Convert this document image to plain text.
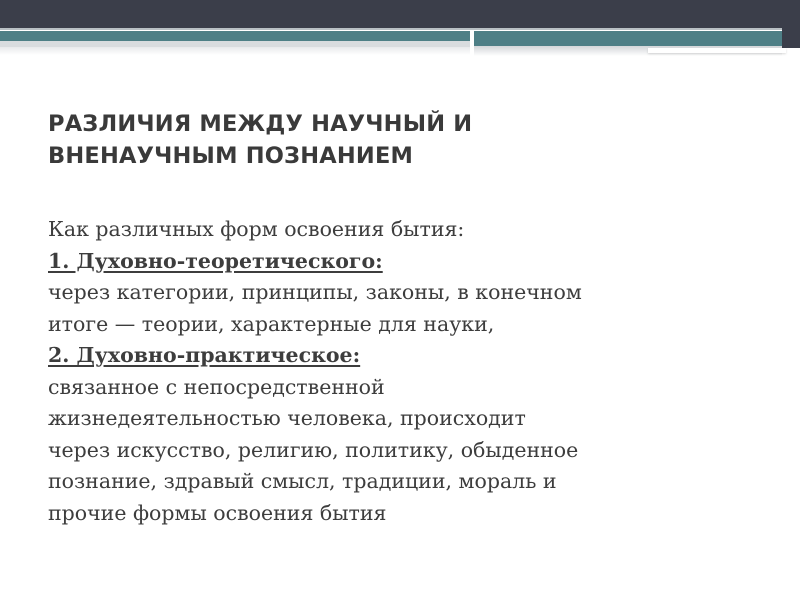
РАЗЛИЧИЯ МЕЖДУ НАУЧНЫЙ И
ВНЕНАУЧНЫМ ПОЗНАНИЕМ
Как различных форм освоения бытия:
1. Духовно-теоретического:
через категории, принципы, законы, в конечном
итоге — теории, характерные для науки,
2. Духовно-практическое:
связанное с непосредственной
жизнедеятельностью человека, происходит
через искусство, религию, политику, обыденное
познание, здравый смысл, традиции, мораль и
прочие формы освоения бытия
